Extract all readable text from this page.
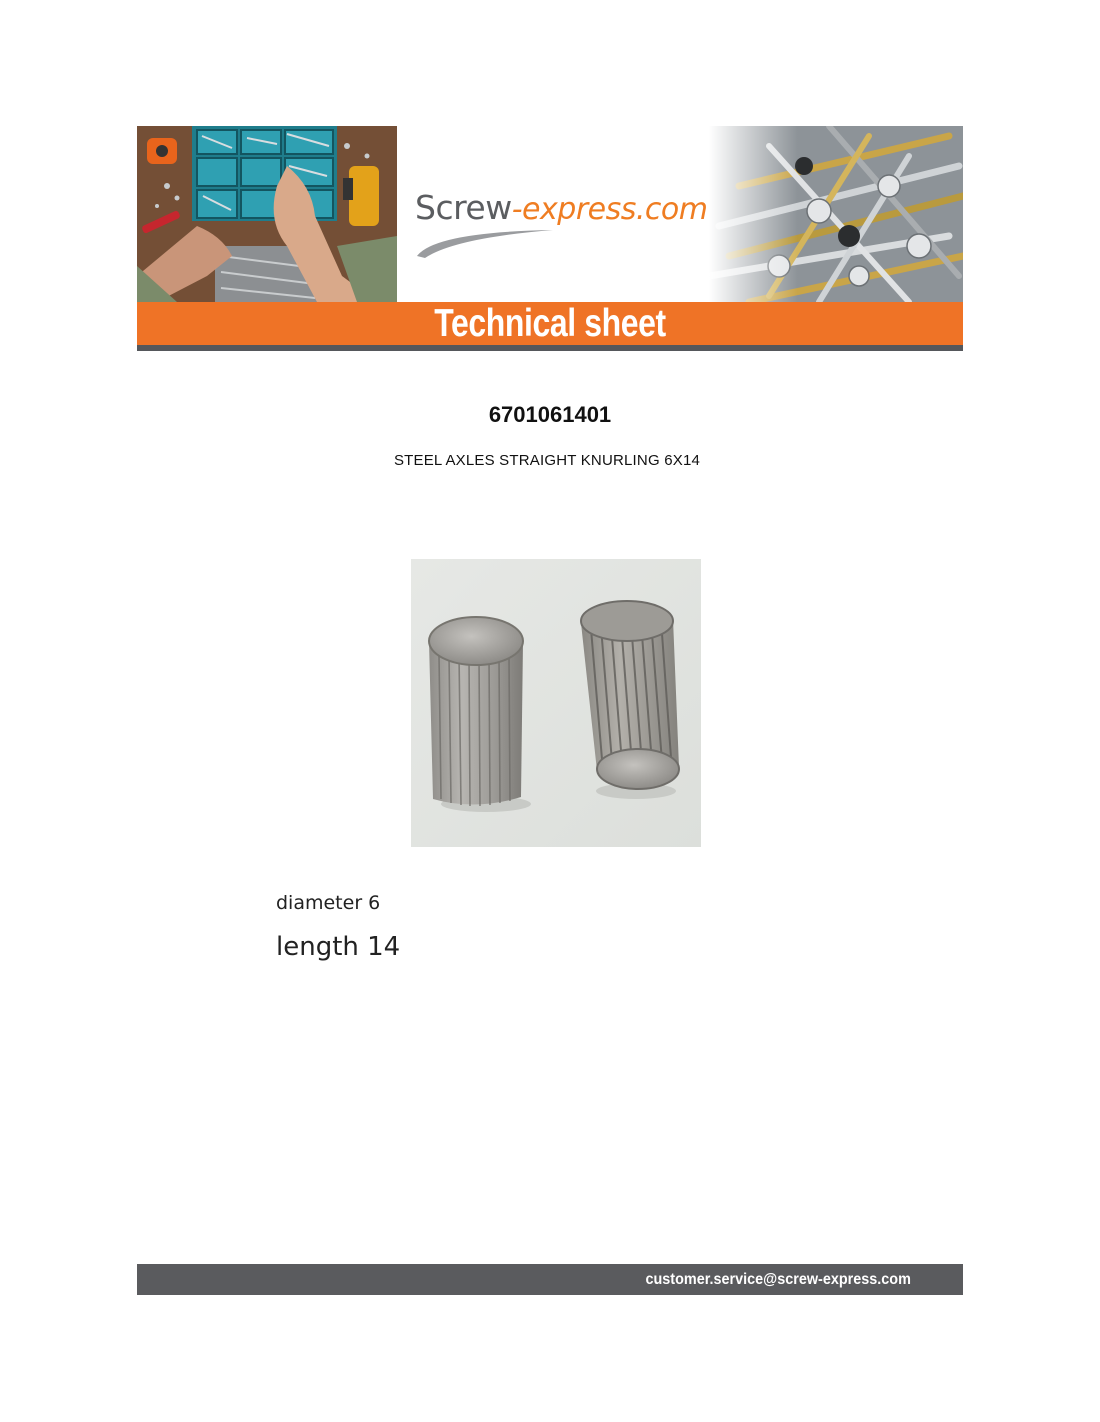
Screw-express.com
Technical sheet
6701061401
STEEL AXLES STRAIGHT KNURLING 6X14
diameter 6
length 14
customer.service@screw-express.com
